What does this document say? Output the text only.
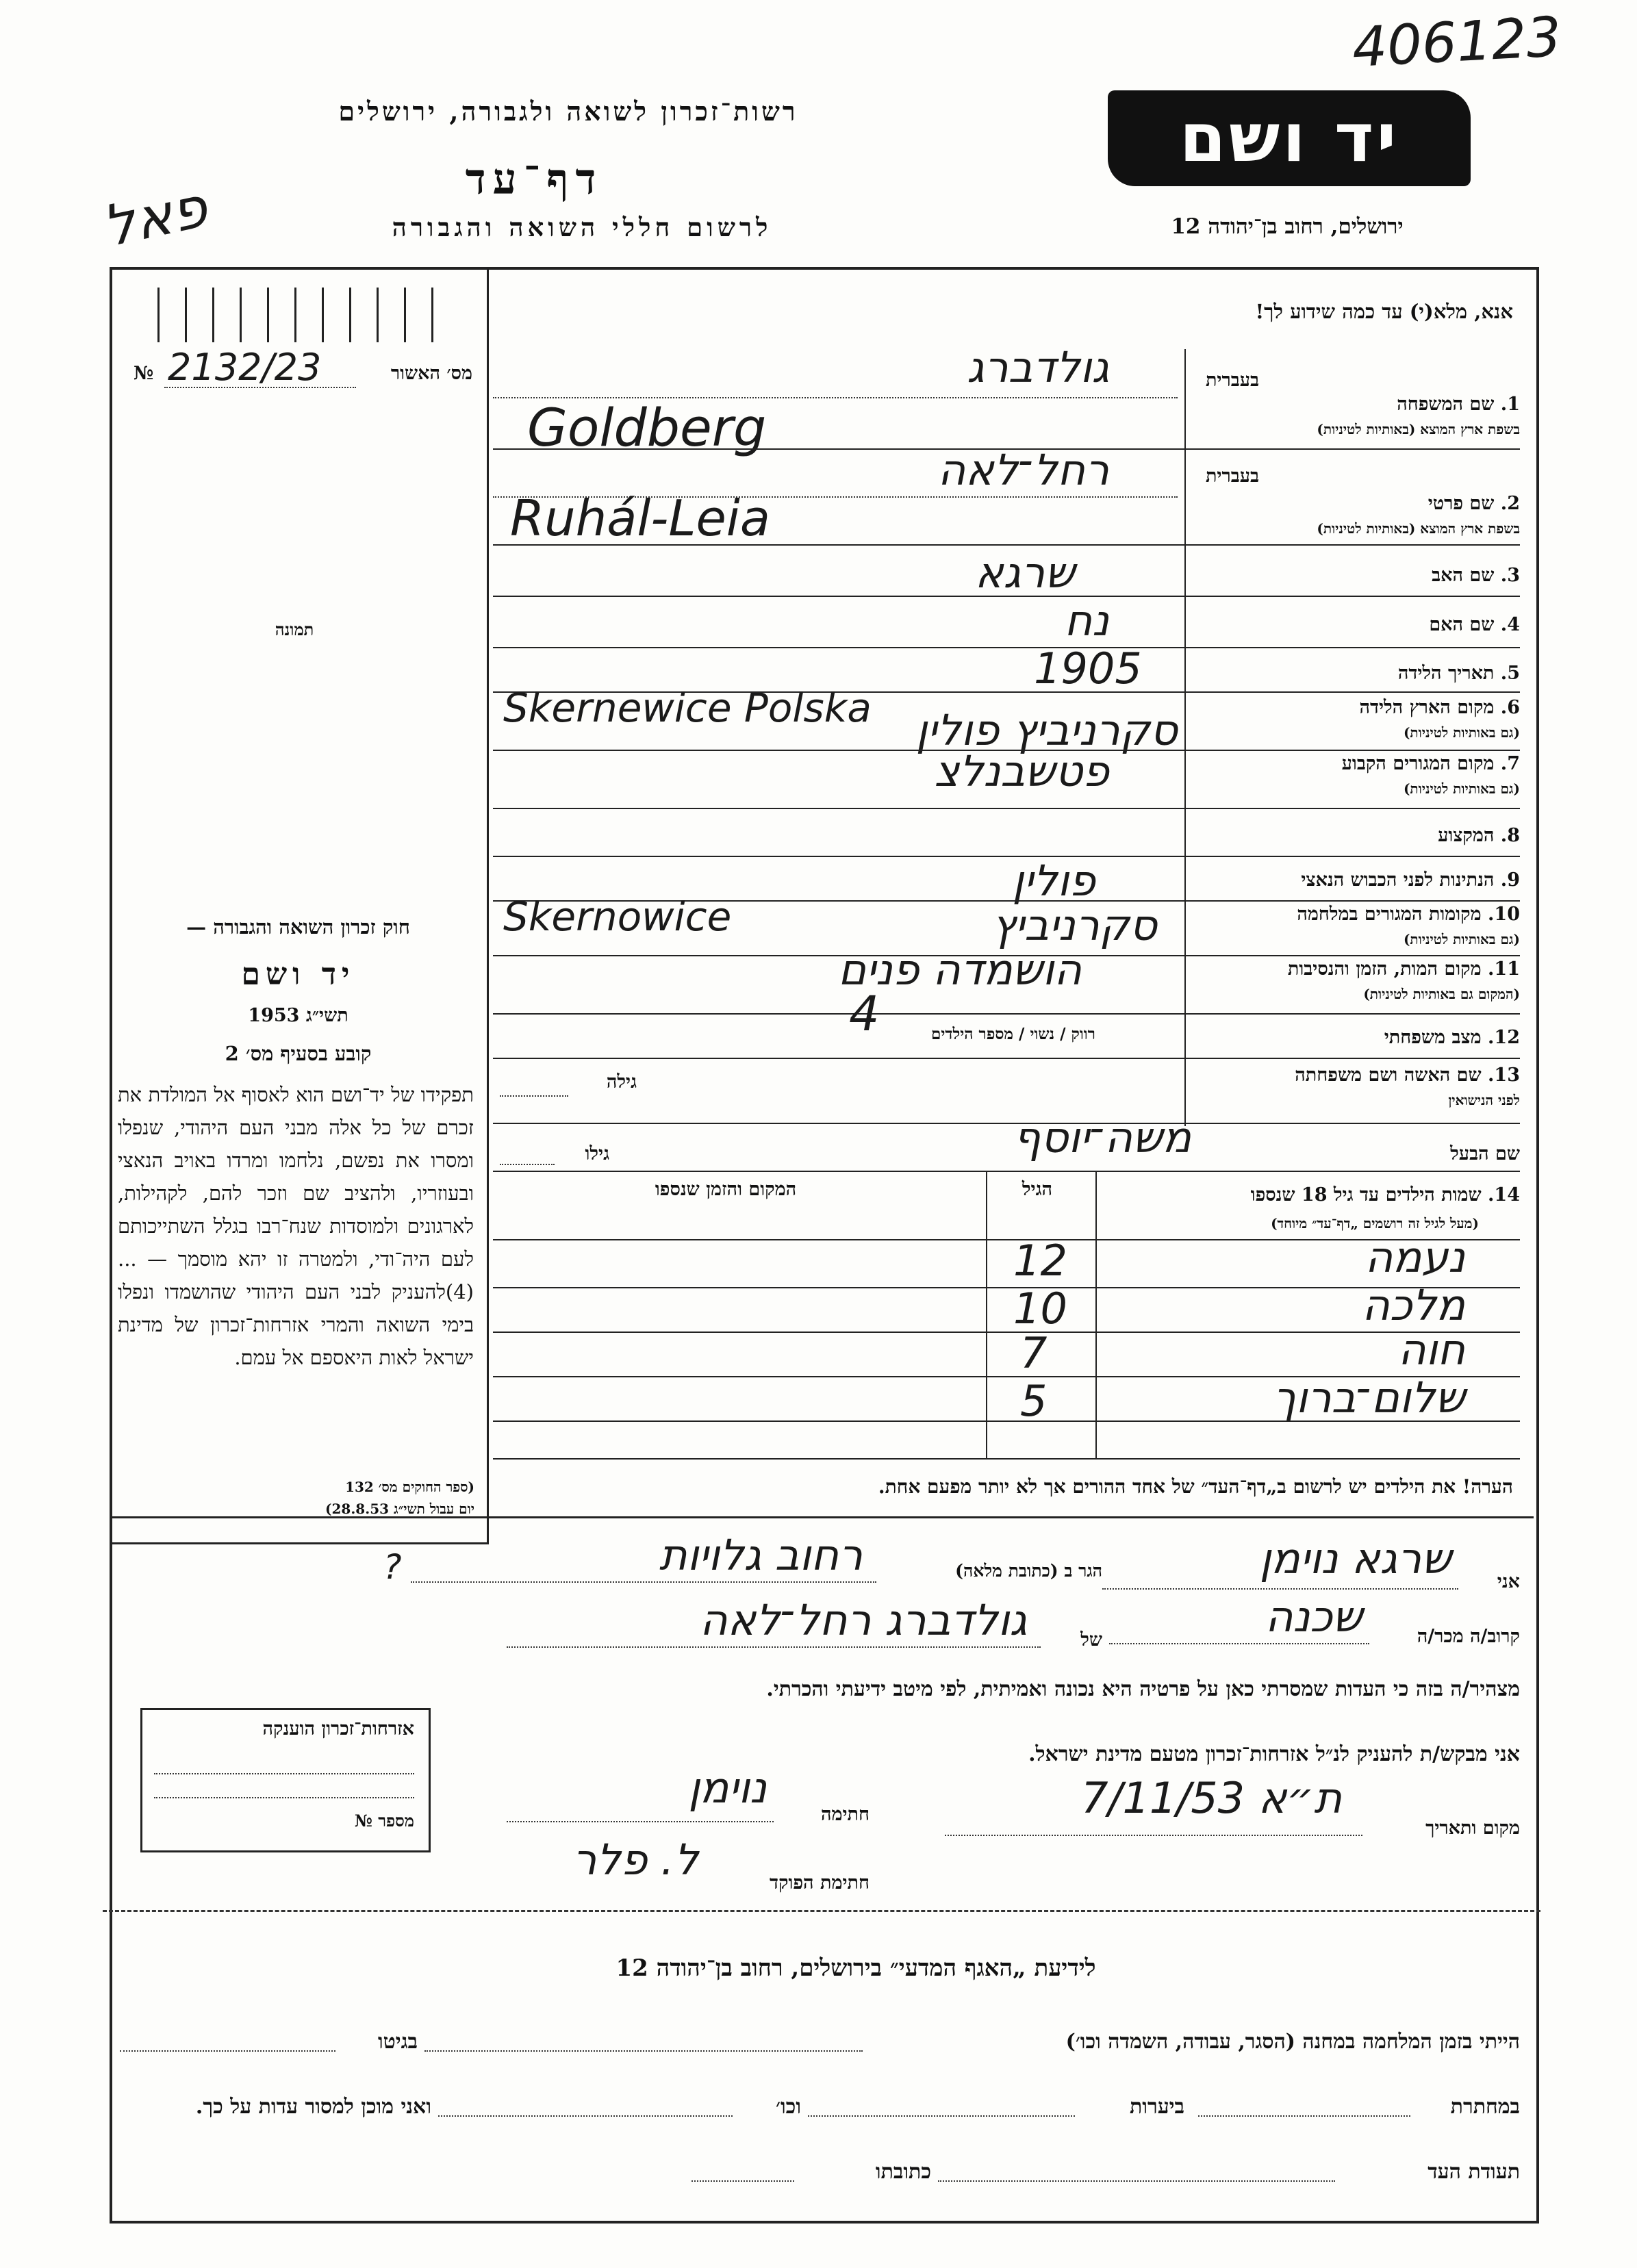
406123
פאל
רשות־זכרון לשואה ולגבורה, ירושלים
דף־עד
לרשום חללי השואה והגבורה
יד ושם
ירושלים, רחוב בן־יהודה 12
מס׳ האשור
2132/23
№
תמונה
חוק זכרון השואה והגבורה —
יד ושם
תשי״ג 1953
קובע בסעיף מס׳ 2
תפקידו של יד־ושם הוא לאסוף אל המולדת את זכרם של כל אלה מבני העם היהודי, שנפלו ומסרו את נפשם, נלחמו ומרדו באויב הנאצי ובעוזריו, ולהציב שם וזכר להם, לקהילות, לארגונים ולמוסדות שנח־רבו בגלל השתייכותם לעם היה־ודי, ולמטרה זו יהא מוסמך — ...(4)להעניק לבני העם היהודי שהושמדו ונפלו בימי השואה והמרי אזרחות־זכרון של מדינת ישראל לאות היאספם אל עמם.
(ספר החוקים מס׳ 132
יום עבול תשי״ג 28.8.53)
אנא, מלא(י) עד כמה שידוע לך!
בעברית
1. שם המשפחה
בשפת ארץ המוצא (באותיות לטיניות)
גולדברג
Goldberg
בעברית
2. שם פרטי
בשפת ארץ המוצא (באותיות לטיניות)
רחל־לאה
Ruhál-Leia
3. שם האב
שרגא
4. שם האם
נח
5. תאריך הלידה
1905
6. מקום הארץ הלידה
(גם באותיות לטיניות)
Skernewice Polska	סקרניביץ פולין
7. מקום המגורים הקבוע
(גם באותיות לטיניות)
פטשבנלצ
8. המקצוע
9. הנתינות לפני הכבוש הנאצי
פולין
10. מקומות המגורים במלחמה
(גם באותיות לטיניות)
Skernowice	סקרניביץ
11. מקום המות, הזמן והנסיבות
(המקום גם באותיות לטיניות)
הושמדה פנים
12. מצב משפחתי
רווק / נשוי / מספר הילדים
4
13. שם האשה ושם משפחתה
לפני הנישואין
גילה
שם הבעל
משה־יוסף
גילו
14. שמות הילדים עד גיל 18 שנספו
(מעל לגיל זה רושמים „דף־עד״ מיוחד)
הגיל
המקום והזמן שנספו
נעמה
12
מלכה
10
חוה
7
שלום־ברוך
5
הערה! את הילדים יש לרשום ב„דף־העד״ של אחד ההורים אך לא יותר מפעם אחת.
אני
שרגא נוימן
הגר ב (כתובת מלאה)
רחוב גלויות
?
קרוב/ה מכר/ה
שכנה
של
גולדברג רחל־לאה
מצהיר/ה בזה כי העדות שמסרתי כאן על פרטיה היא נכונה ואמיתית, לפי מיטב ידיעתי והכרתי.
אני מבקש/ת להעניק לנ״ל אזרחות־זכרון מטעם מדינת ישראל.
מקום ותאריך
ת״א 7/11/53
חתימה
נוימן
חתימת הפוקד
ל. פלר
אזרחות־זכרון הוענקה
מספר №
לידיעת „האגף המדעי״ בירושלים, רחוב בן־יהודה 12
הייתי בזמן המלחמה במחנה (הסגר, עבודה, השמדה וכו׳)
בגיטו
במחתרת
ביערות
וכו׳
ואני מוכן למסור עדות על כך.
תעודת העד
כתובתו
